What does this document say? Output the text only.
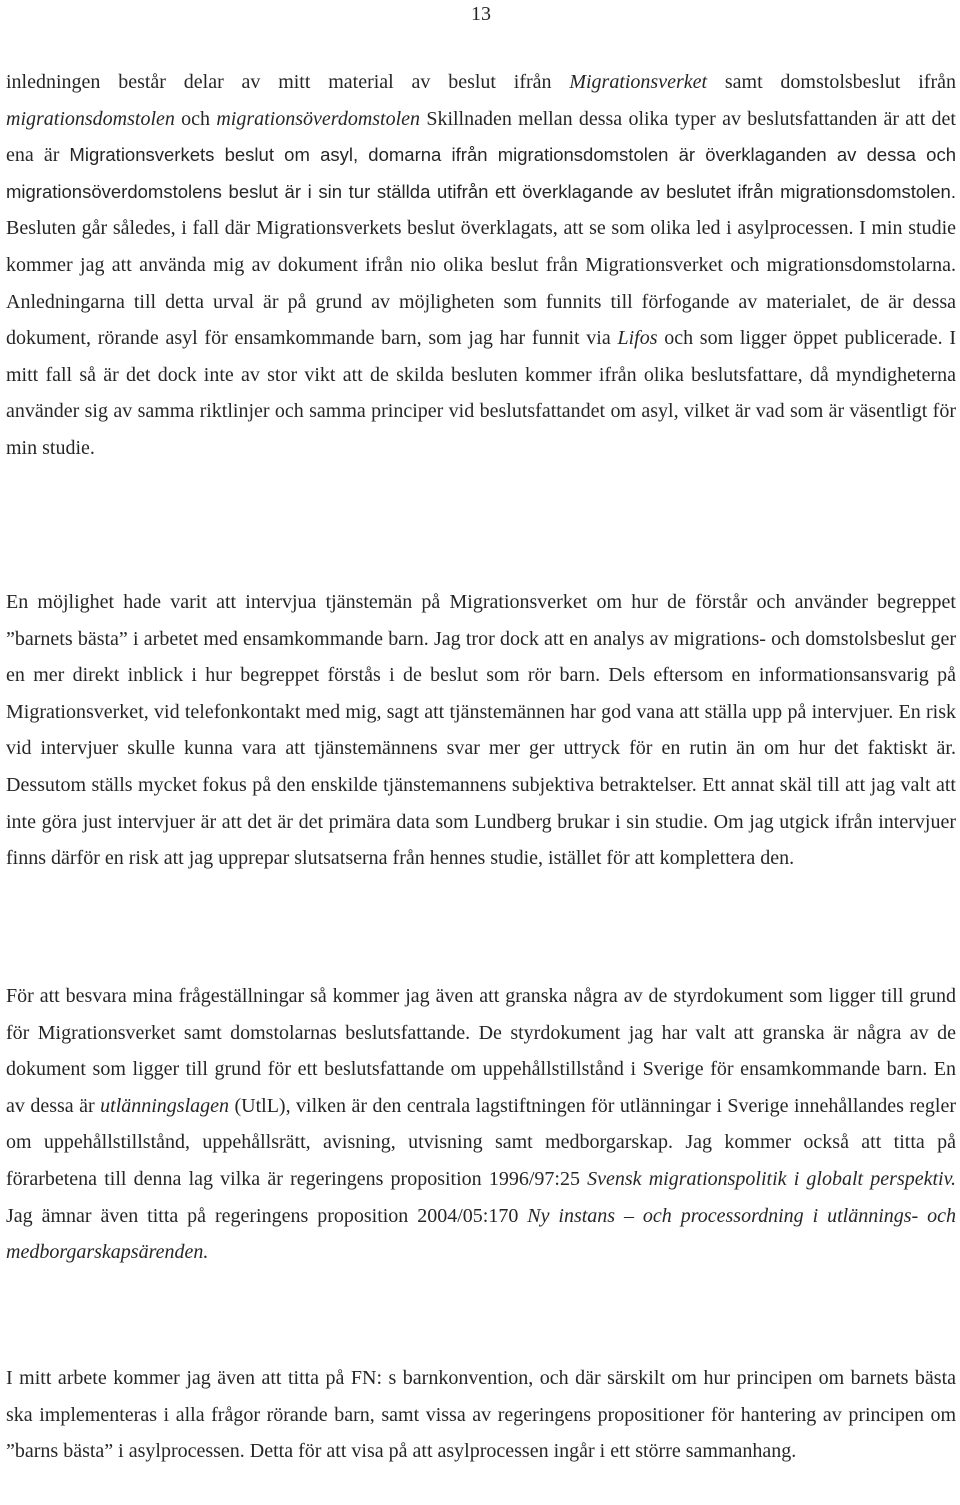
13

inledningen består delar av mitt material av beslut ifrån Migrationsverket samt domstolsbeslut ifrån migrationsdomstolen och migrationsöverdomstolen Skillnaden mellan dessa olika typer av beslutsfattanden är att det ena är Migrationsverkets beslut om asyl, domarna ifrån migrationsdomstolen är överklaganden av dessa och migrationsöverdomstolens beslut är i sin tur ställda utifrån ett överklagande av beslutet ifrån migrationsdomstolen. Besluten går således, i fall där Migrationsverkets beslut överklagats, att se som olika led i asylprocessen. I min studie kommer jag att använda mig av dokument ifrån nio olika beslut från Migrationsverket och migrationsdomstolarna. Anledningarna till detta urval är på grund av möjligheten som funnits till förfogande av materialet, de är dessa dokument, rörande asyl för ensamkommande barn, som jag har funnit via Lifos och som ligger öppet publicerade. I mitt fall så är det dock inte av stor vikt att de skilda besluten kommer ifrån olika beslutsfattare, då myndigheterna använder sig av samma riktlinjer och samma principer vid beslutsfattandet om asyl, vilket är vad som är väsentligt för min studie.

En möjlighet hade varit att intervjua tjänstemän på Migrationsverket om hur de förstår och använder begreppet ”barnets bästa” i arbetet med ensamkommande barn. Jag tror dock att en analys av migrations- och domstolsbeslut ger en mer direkt inblick i hur begreppet förstås i de beslut som rör barn. Dels eftersom en informationsansvarig på Migrationsverket, vid telefonkontakt med mig, sagt att tjänstemännen har god vana att ställa upp på intervjuer. En risk vid intervjuer skulle kunna vara att tjänstemännens svar mer ger uttryck för en rutin än om hur det faktiskt är. Dessutom ställs mycket fokus på den enskilde tjänstemannens subjektiva betraktelser. Ett annat skäl till att jag valt att inte göra just intervjuer är att det är det primära data som Lundberg brukar i sin studie. Om jag utgick ifrån intervjuer finns därför en risk att jag upprepar slutsatserna från hennes studie, istället för att komplettera den.

För att besvara mina frågeställningar så kommer jag även att granska några av de styrdokument som ligger till grund för Migrationsverket samt domstolarnas beslutsfattande. De styrdokument jag har valt att granska är några av de dokument som ligger till grund för ett beslutsfattande om uppehållstillstånd i Sverige för ensamkommande barn. En av dessa är utlänningslagen (UtlL), vilken är den centrala lagstiftningen för utlänningar i Sverige innehållandes regler om uppehållstillstånd, uppehållsrätt, avisning, utvisning samt medborgarskap. Jag kommer också att titta på förarbetena till denna lag vilka är regeringens proposition 1996/97:25 Svensk migrationspolitik i globalt perspektiv. Jag ämnar även titta på regeringens proposition 2004/05:170 Ny instans – och processordning i utlännings- och medborgarskapsärenden.

I mitt arbete kommer jag även att titta på FN: s barnkonvention, och där särskilt om hur principen om barnets bästa ska implementeras i alla frågor rörande barn, samt vissa av regeringens propositioner för hantering av principen om ”barns bästa” i asylprocessen. Detta för att visa på att asylprocessen ingår i ett större sammanhang.
